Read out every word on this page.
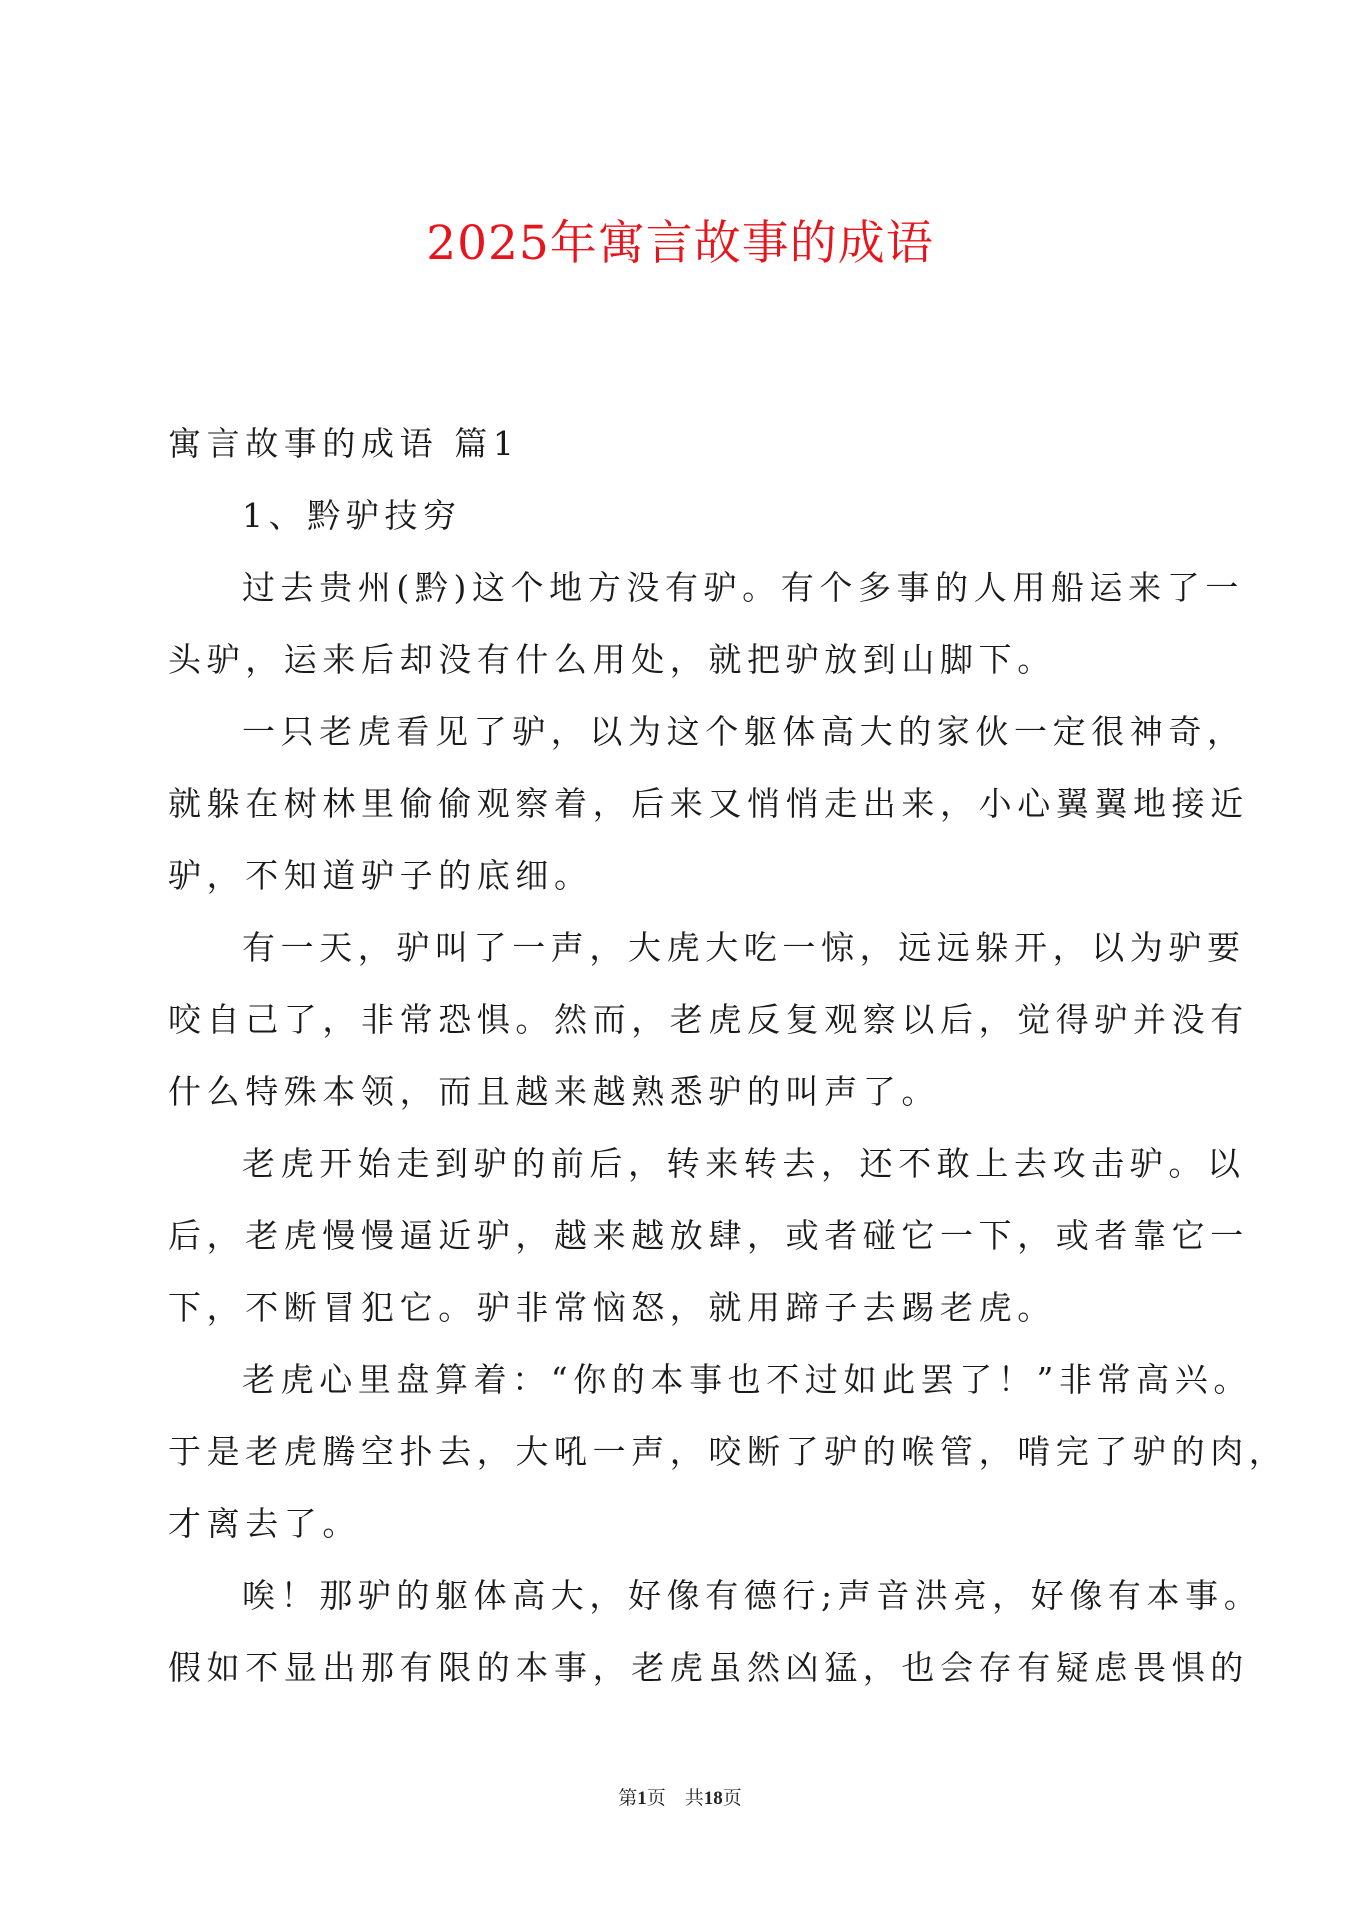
2025年寓言故事的成语

寓言故事的成语 篇1

1、黔驴技穷

过去贵州(黔)这个地方没有驴。有个多事的人用船运来了一

头驴，运来后却没有什么用处，就把驴放到山脚下。

一只老虎看见了驴，以为这个躯体高大的家伙一定很神奇，

就躲在树林里偷偷观察着，后来又悄悄走出来，小心翼翼地接近

驴，不知道驴子的底细。

有一天，驴叫了一声，大虎大吃一惊，远远躲开，以为驴要

咬自己了，非常恐惧。然而，老虎反复观察以后，觉得驴并没有

什么特殊本领，而且越来越熟悉驴的叫声了。

老虎开始走到驴的前后，转来转去，还不敢上去攻击驴。以

后，老虎慢慢逼近驴，越来越放肆，或者碰它一下，或者靠它一

下，不断冒犯它。驴非常恼怒，就用蹄子去踢老虎。

老虎心里盘算着：“你的本事也不过如此罢了！”非常高兴。

于是老虎腾空扑去，大吼一声，咬断了驴的喉管，啃完了驴的肉，

才离去了。

唉！那驴的躯体高大，好像有德行;声音洪亮，好像有本事。

假如不显出那有限的本事，老虎虽然凶猛，也会存有疑虑畏惧的

第1页　共18页
